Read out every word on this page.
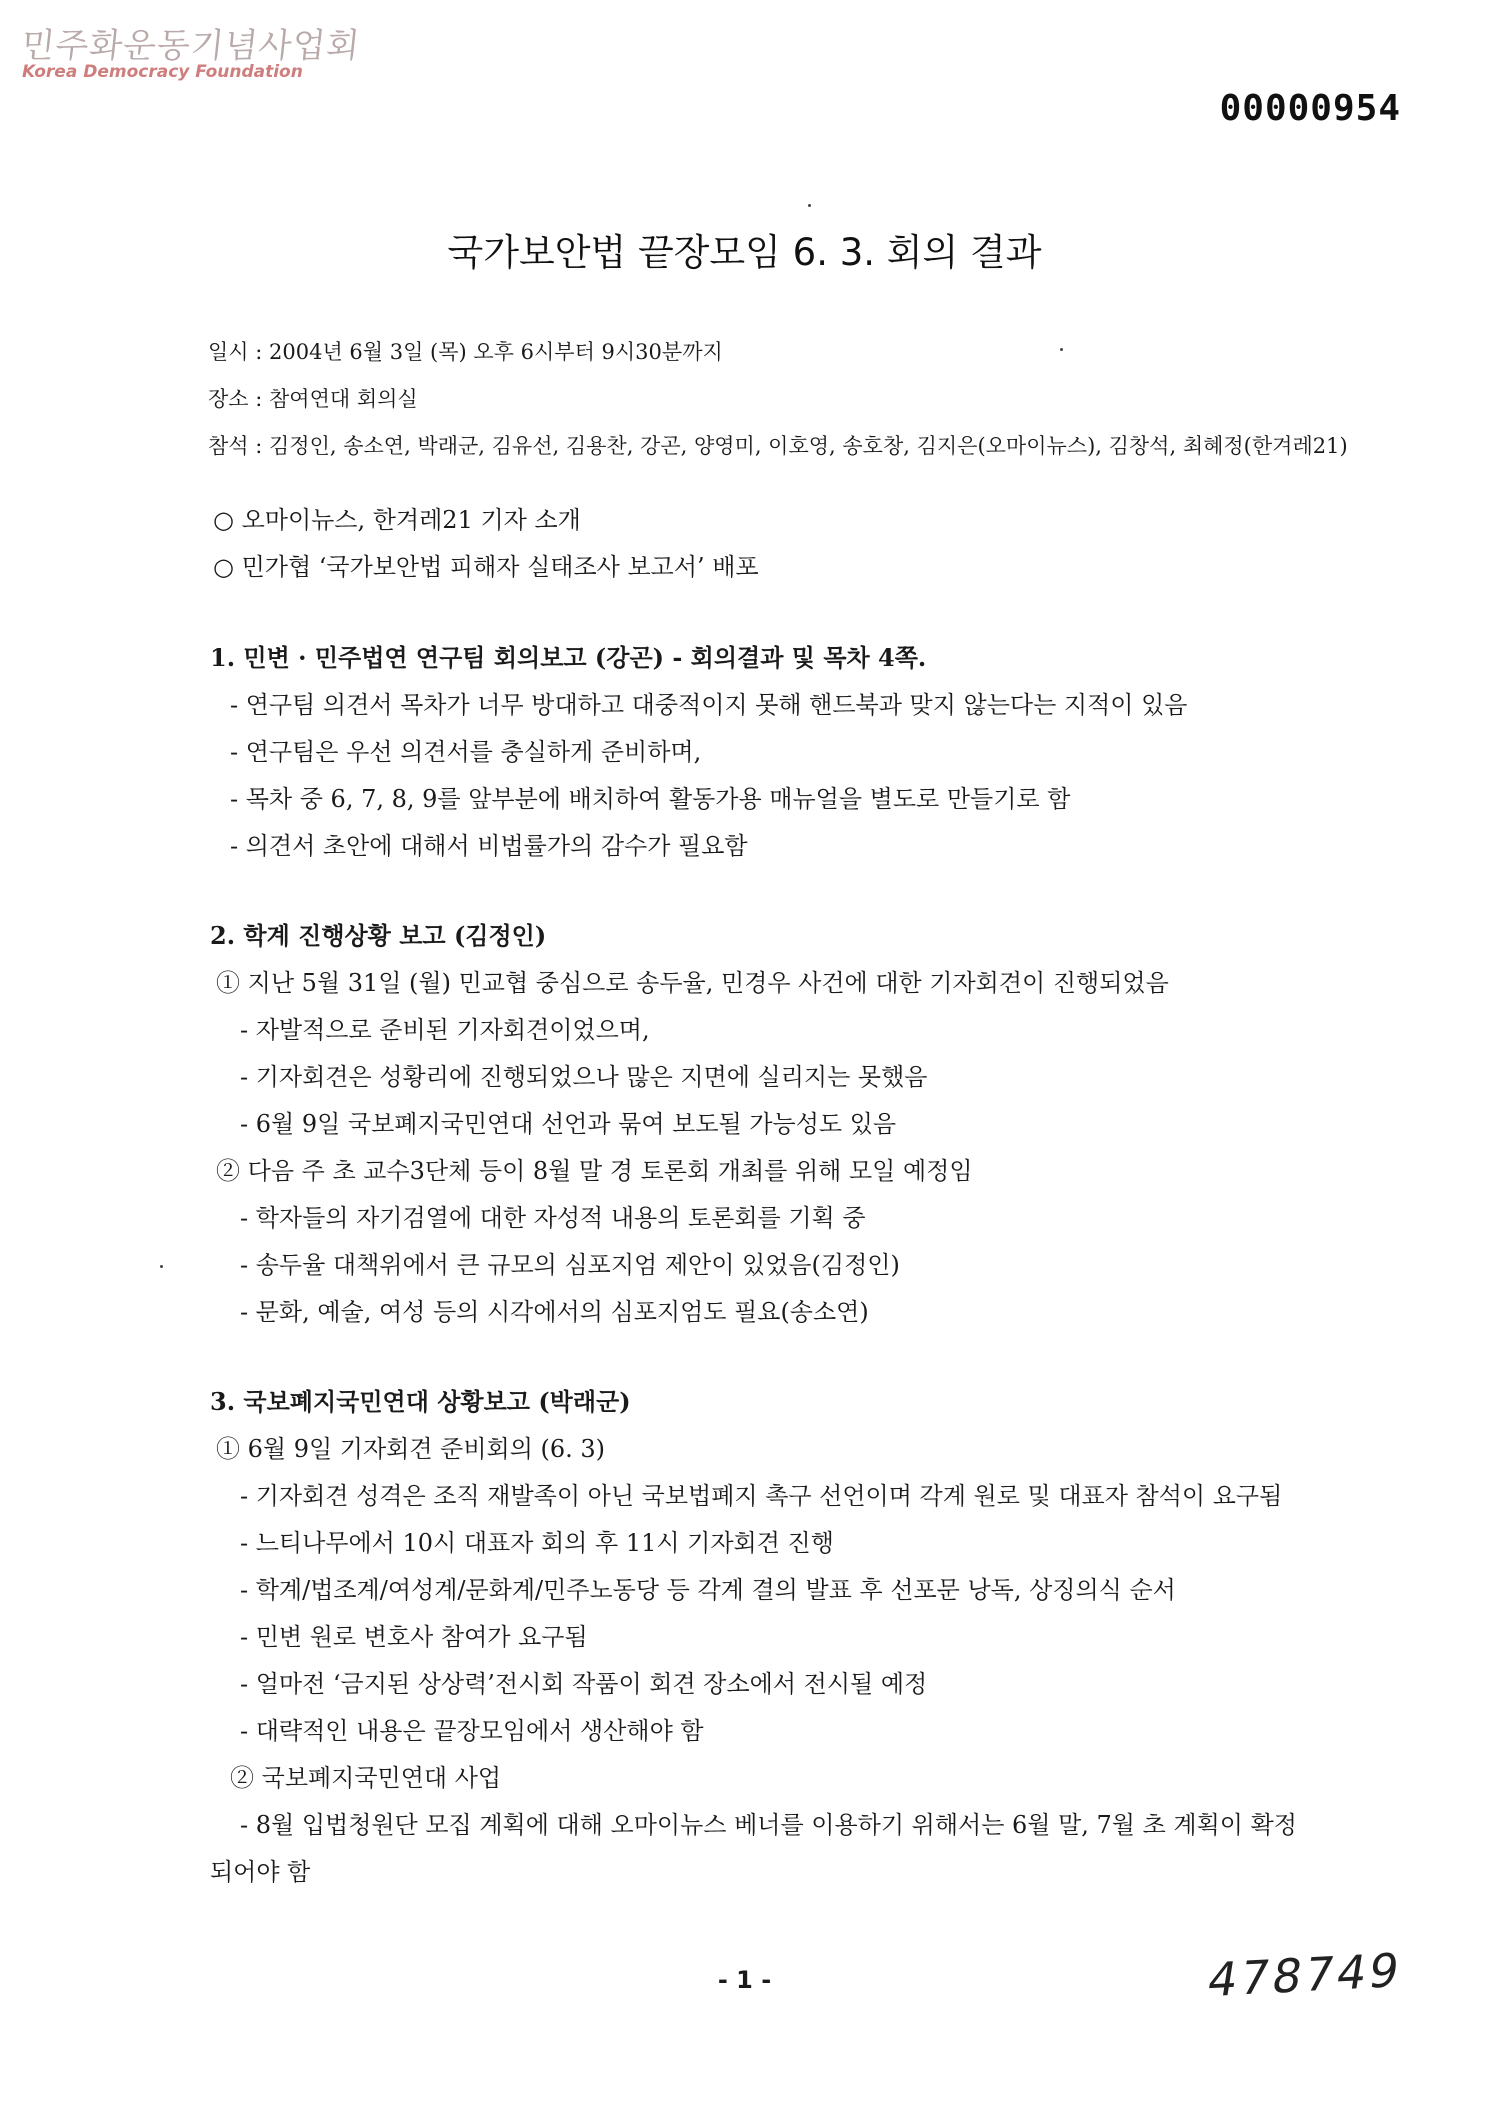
민주화운동기념사업회
Korea Democracy Foundation
00000954
국가보안법 끝장모임 6. 3. 회의 결과
일시 : 2004년 6월 3일 (목) 오후 6시부터 9시30분까지
장소 : 참여연대 회의실
참석 : 김정인, 송소연, 박래군, 김유선, 김용찬, 강곤, 양영미, 이호영, 송호창, 김지은(오마이뉴스), 김창석, 최혜정(한겨레21)
○ 오마이뉴스, 한겨레21 기자 소개
○ 민가협 ‘국가보안법 피해자 실태조사 보고서’ 배포
1. 민변 · 민주법연 연구팀 회의보고 (강곤) - 회의결과 및 목차 4쪽.
- 연구팀 의견서 목차가 너무 방대하고 대중적이지 못해 핸드북과 맞지 않는다는 지적이 있음
- 연구팀은 우선 의견서를 충실하게 준비하며,
- 목차 중 6, 7, 8, 9를 앞부분에 배치하여 활동가용 매뉴얼을 별도로 만들기로 함
- 의견서 초안에 대해서 비법률가의 감수가 필요함
2. 학계 진행상황 보고 (김정인)
① 지난 5월 31일 (월) 민교협 중심으로 송두율, 민경우 사건에 대한 기자회견이 진행되었음
- 자발적으로 준비된 기자회견이었으며,
- 기자회견은 성황리에 진행되었으나 많은 지면에 실리지는 못했음
- 6월 9일 국보폐지국민연대 선언과 묶여 보도될 가능성도 있음
② 다음 주 초 교수3단체 등이 8월 말 경 토론회 개최를 위해 모일 예정임
- 학자들의 자기검열에 대한 자성적 내용의 토론회를 기획 중
- 송두율 대책위에서 큰 규모의 심포지엄 제안이 있었음(김정인)
- 문화, 예술, 여성 등의 시각에서의 심포지엄도 필요(송소연)
3. 국보폐지국민연대 상황보고 (박래군)
① 6월 9일 기자회견 준비회의 (6. 3)
- 기자회견 성격은 조직 재발족이 아닌 국보법폐지 촉구 선언이며 각계 원로 및 대표자 참석이 요구됨
- 느티나무에서 10시 대표자 회의 후 11시 기자회견 진행
- 학계/법조계/여성계/문화계/민주노동당 등 각계 결의 발표 후 선포문 낭독, 상징의식 순서
- 민변 원로 변호사 참여가 요구됨
- 얼마전 ‘금지된 상상력’전시회 작품이 회견 장소에서 전시될 예정
- 대략적인 내용은 끝장모임에서 생산해야 함
② 국보폐지국민연대 사업
- 8월 입법청원단 모집 계획에 대해 오마이뉴스 베너를 이용하기 위해서는 6월 말, 7월 초 계획이 확정
되어야 함
- 1 -	478749
